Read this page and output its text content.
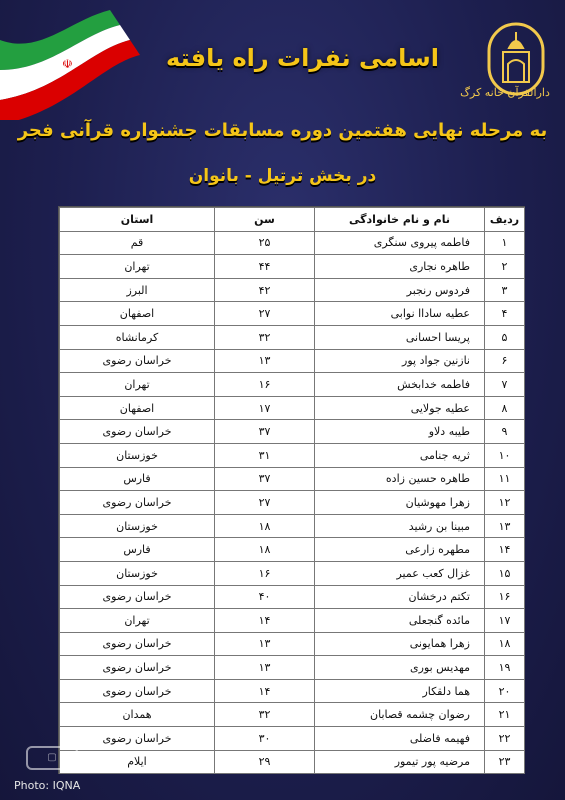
☫
دارالقرآن خانه کرگ
اسامی نفرات راه یافته
به مرحله نهایی هفتمین دوره مسابقات جشنواره قرآنی فجر
در بخش ترتیل - بانوان
ردیف	نام و نام خانوادگی	سن	استان
۱	فاطمه پیروی سنگری	۲۵	قم
۲	طاهره نجاری	۴۴	تهران
۳	فردوس رنجبر	۴۲	البرز
۴	عطیه ساداا نوابی	۲۷	اصفهان
۵	پریسا احسانی	۳۲	کرمانشاه
۶	نازنین جواد پور	۱۳	خراسان رضوی
۷	فاطمه خدابخش	۱۶	تهران
۸	عطیه جولایی	۱۷	اصفهان
۹	طیبه دلاو	۳۷	خراسان رضوی
۱۰	ثریه جنامی	۳۱	خوزستان
۱۱	طاهره حسین زاده	۳۷	فارس
۱۲	زهرا مهوشیان	۲۷	خراسان رضوی
۱۳	مبینا بن رشید	۱۸	خوزستان
۱۴	مطهره زارعی	۱۸	فارس
۱۵	غزال کعب عمیر	۱۶	خوزستان
۱۶	تکتم درخشان	۴۰	خراسان رضوی
۱۷	مائده گنجعلی	۱۴	تهران
۱۸	زهرا همایونی	۱۳	خراسان رضوی
۱۹	مهدیس بوری	۱۳	خراسان رضوی
۲۰	هما دلقکار	۱۴	خراسان رضوی
۲۱	رضوان چشمه قصابان	۳۲	همدان
۲۲	فهیمه فاضلی	۳۰	خراسان رضوی
۲۳	مرضیه پور تیمور	۲۹	ایلام
▢
Photo: IQNA
